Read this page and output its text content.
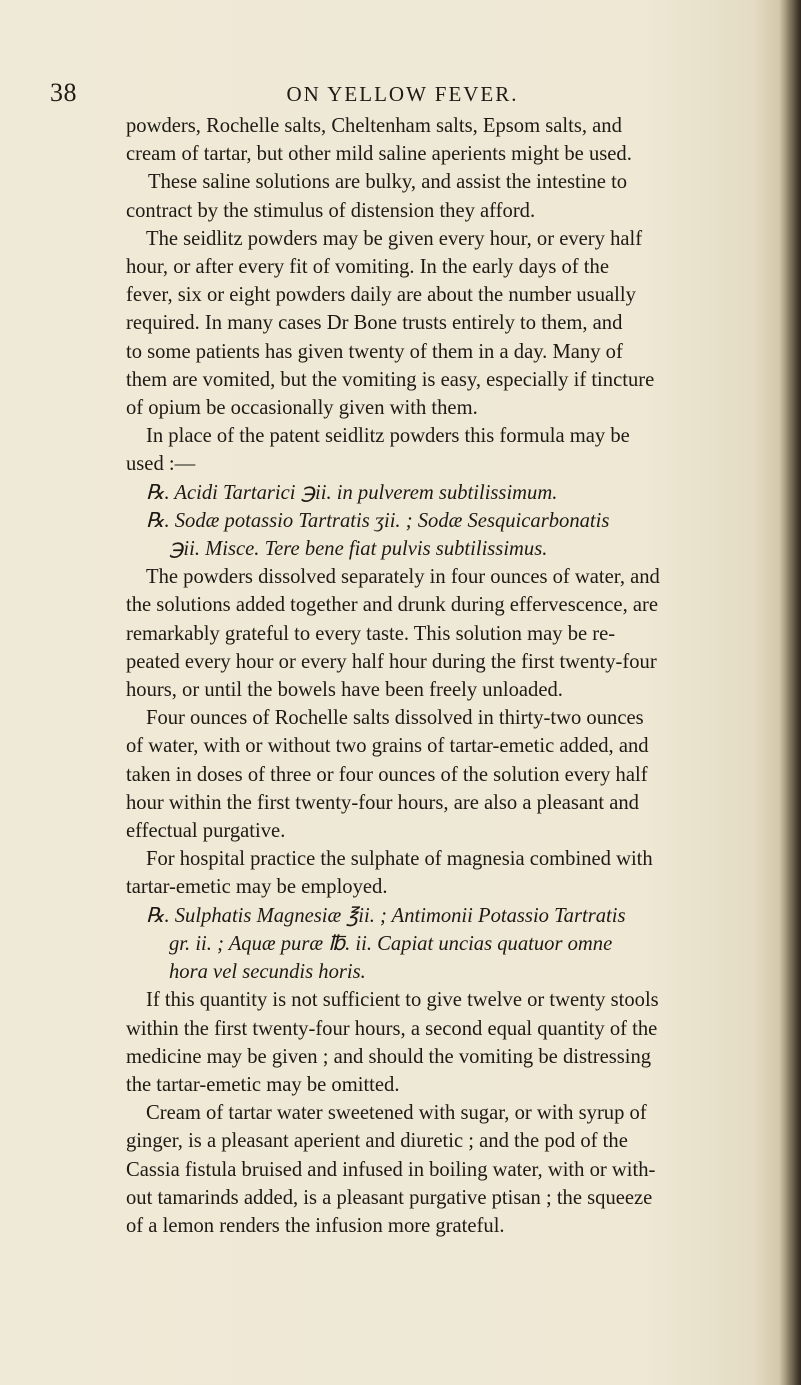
38	ON YELLOW FEVER.
powders, Rochelle salts, Cheltenham salts, Epsom salts, and
cream of tartar, but other mild saline aperients might be used.
These saline solutions are bulky, and assist the intestine to
contract by the stimulus of distension they afford.
The seidlitz powders may be given every hour, or every half
hour, or after every fit of vomiting. In the early days of the
fever, six or eight powders daily are about the number usually
required. In many cases Dr Bone trusts entirely to them, and
to some patients has given twenty of them in a day. Many of
them are vomited, but the vomiting is easy, especially if tincture
of opium be occasionally given with them.
In place of the patent seidlitz powders this formula may be
used :—
℞. Acidi Tartarici ℈ii. in pulverem subtilissimum.
℞. Sodæ potassio Tartratis ʒii. ; Sodæ Sesquicarbonatis
℈ii. Misce. Tere bene fiat pulvis subtilissimus.
The powders dissolved separately in four ounces of water, and
the solutions added together and drunk during effervescence, are
remarkably grateful to every taste. This solution may be re-
peated every hour or every half hour during the first twenty-four
hours, or until the bowels have been freely unloaded.
Four ounces of Rochelle salts dissolved in thirty-two ounces
of water, with or without two grains of tartar-emetic added, and
taken in doses of three or four ounces of the solution every half
hour within the first twenty-four hours, are also a pleasant and
effectual purgative.
For hospital practice the sulphate of magnesia combined with
tartar-emetic may be employed.
℞. Sulphatis Magnesiæ ℥ii. ; Antimonii Potassio Tartratis
gr. ii. ; Aquæ puræ ℔. ii. Capiat uncias quatuor omne
hora vel secundis horis.
If this quantity is not sufficient to give twelve or twenty stools
within the first twenty-four hours, a second equal quantity of the
medicine may be given ; and should the vomiting be distressing
the tartar-emetic may be omitted.
Cream of tartar water sweetened with sugar, or with syrup of
ginger, is a pleasant aperient and diuretic ; and the pod of the
Cassia fistula bruised and infused in boiling water, with or with-
out tamarinds added, is a pleasant purgative ptisan ; the squeeze
of a lemon renders the infusion more grateful.
